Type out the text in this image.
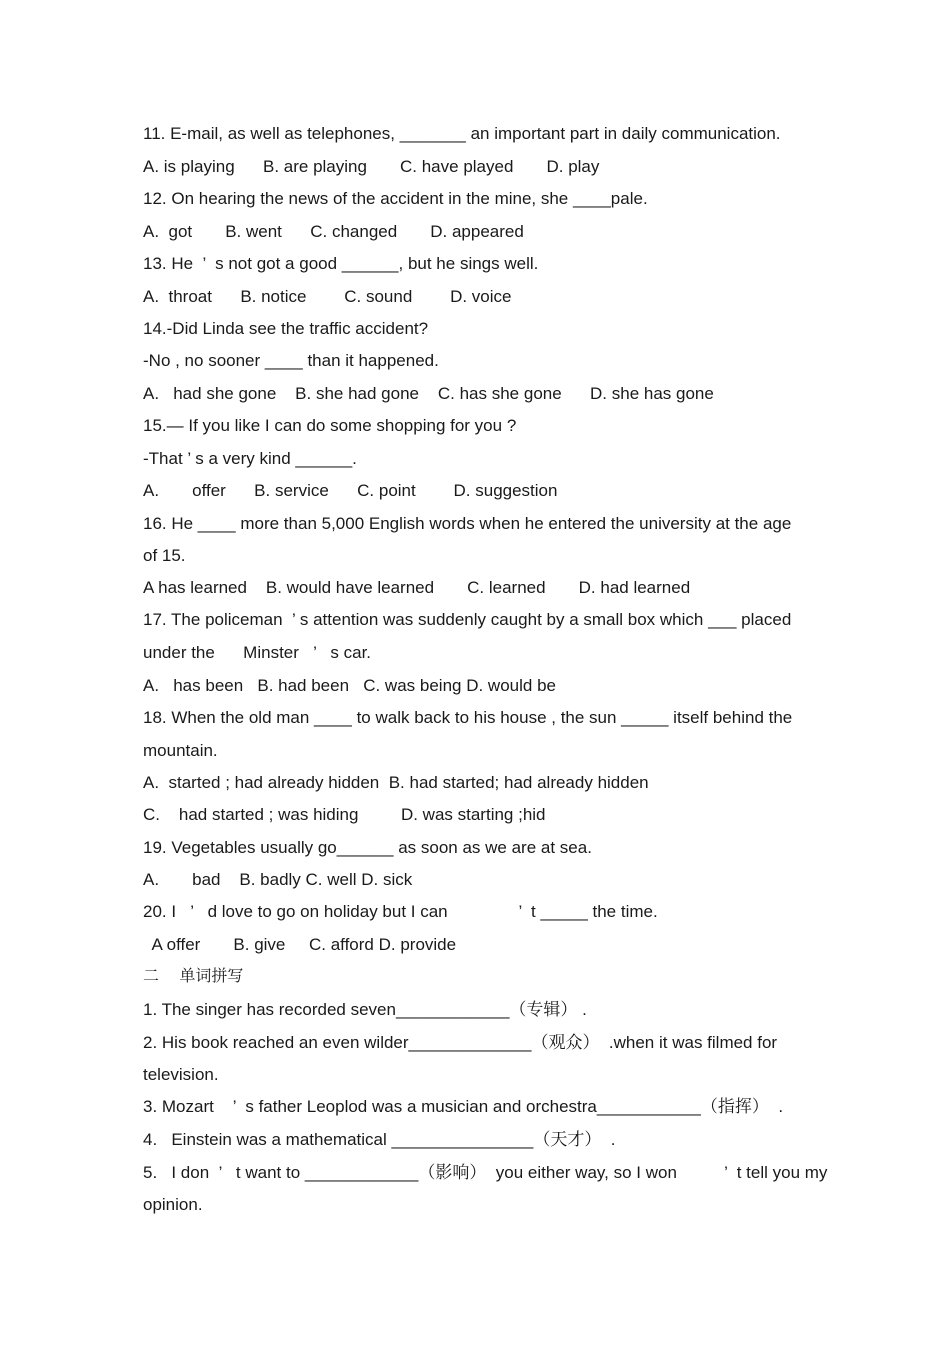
11. E-mail, as well as telephones, _______ an important part in daily communication.

A. is playing      B. are playing       C. have played       D. play

12. On hearing the news of the accident in the mine, she ____pale.

A.  got       B. went      C. changed       D. appeared

13. He  ’  s not got a good ______, but he sings well.

A.  throat      B. notice        C. sound        D. voice

14.-Did Linda see the traffic accident?

-No , no sooner ____ than it happened.

A.   had she gone    B. she had gone    C. has she gone      D. she has gone

15.— If you like I can do some shopping for you ?

-That ’ s a very kind ______.

A.       offer      B. service      C. point        D. suggestion

16. He ____ more than 5,000 English words when he entered the university at the age

of 15.

A has learned    B. would have learned       C. learned       D. had learned

17. The policeman  ’ s attention was suddenly caught by a small box which ___ placed

under the      Minster   ’   s car.

A.   has been   B. had been   C. was being D. would be

18. When the old man ____ to walk back to his house , the sun _____ itself behind the

mountain.

A.  started ; had already hidden  B. had started; had already hidden

C.    had started ; was hiding         D. was starting ;hid

19. Vegetables usually go______ as soon as we are at sea.

A.       bad    B. badly C. well D. sick

20. I   ’   d love to go on holiday but I can               ’  t _____ the time.

A offer       B. give     C. afford D. provide

二    单词拼写

1. The singer has recorded seven____________（专辑） .

2. His book reached an even wilder_____________（观众）  .when it was filmed for

television.

3. Mozart    ’  s father Leoplod was a musician and orchestra___________（指挥）  .

4.   Einstein was a mathematical _______________（天才）  .

5.   I don  ’   t want to ____________（影响）  you either way, so I won          ’  t tell you my

opinion.
